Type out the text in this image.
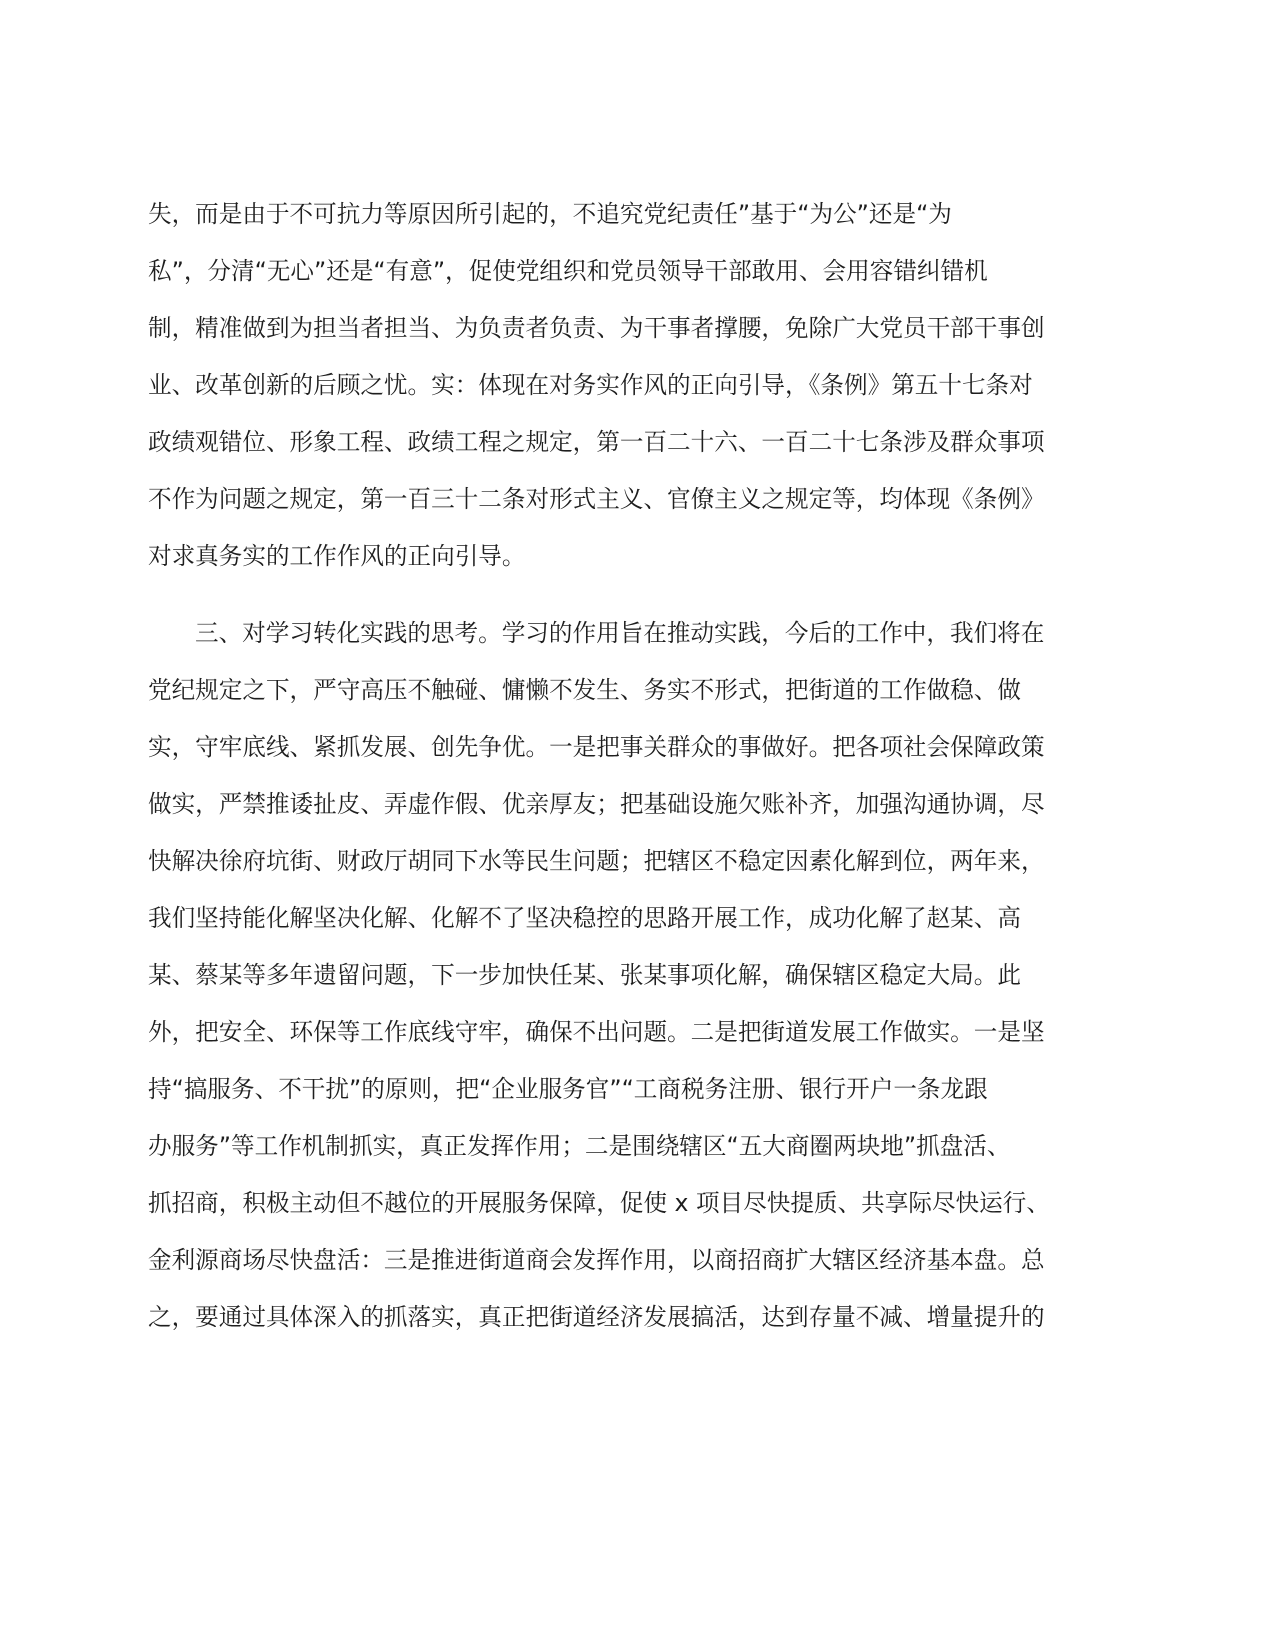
失，而是由于不可抗力等原因所引起的，不追究党纪责任”基于“为公”还是“为
私”，分清“无心”还是“有意”，促使党组织和党员领导干部敢用、会用容错纠错机
制，精准做到为担当者担当、为负责者负责、为干事者撑腰，免除广大党员干部干事创
业、改革创新的后顾之忧。实：体现在对务实作风的正向引导，《条例》第五十七条对
政绩观错位、形象工程、政绩工程之规定，第一百二十六、一百二十七条涉及群众事项
不作为问题之规定，第一百三十二条对形式主义、官僚主义之规定等，均体现《条例》
对求真务实的工作作风的正向引导。
三、对学习转化实践的思考。学习的作用旨在推动实践，今后的工作中，我们将在
党纪规定之下，严守高压不触碰、慵懒不发生、务实不形式，把街道的工作做稳、做
实，守牢底线、紧抓发展、创先争优。一是把事关群众的事做好。把各项社会保障政策
做实，严禁推诿扯皮、弄虚作假、优亲厚友；把基础设施欠账补齐，加强沟通协调，尽
快解决徐府坑街、财政厅胡同下水等民生问题；把辖区不稳定因素化解到位，两年来，
我们坚持能化解坚决化解、化解不了坚决稳控的思路开展工作，成功化解了赵某、高
某、蔡某等多年遗留问题，下一步加快任某、张某事项化解，确保辖区稳定大局。此
外，把安全、环保等工作底线守牢，确保不出问题。二是把街道发展工作做实。一是坚
持“搞服务、不干扰”的原则，把“企业服务官”“工商税务注册、银行开户一条龙跟
办服务”等工作机制抓实，真正发挥作用；二是围绕辖区“五大商圈两块地”抓盘活、
抓招商，积极主动但不越位的开展服务保障，促使 x 项目尽快提质、共享际尽快运行、
金利源商场尽快盘活：三是推进街道商会发挥作用，以商招商扩大辖区经济基本盘。总
之，要通过具体深入的抓落实，真正把街道经济发展搞活，达到存量不减、增量提升的
